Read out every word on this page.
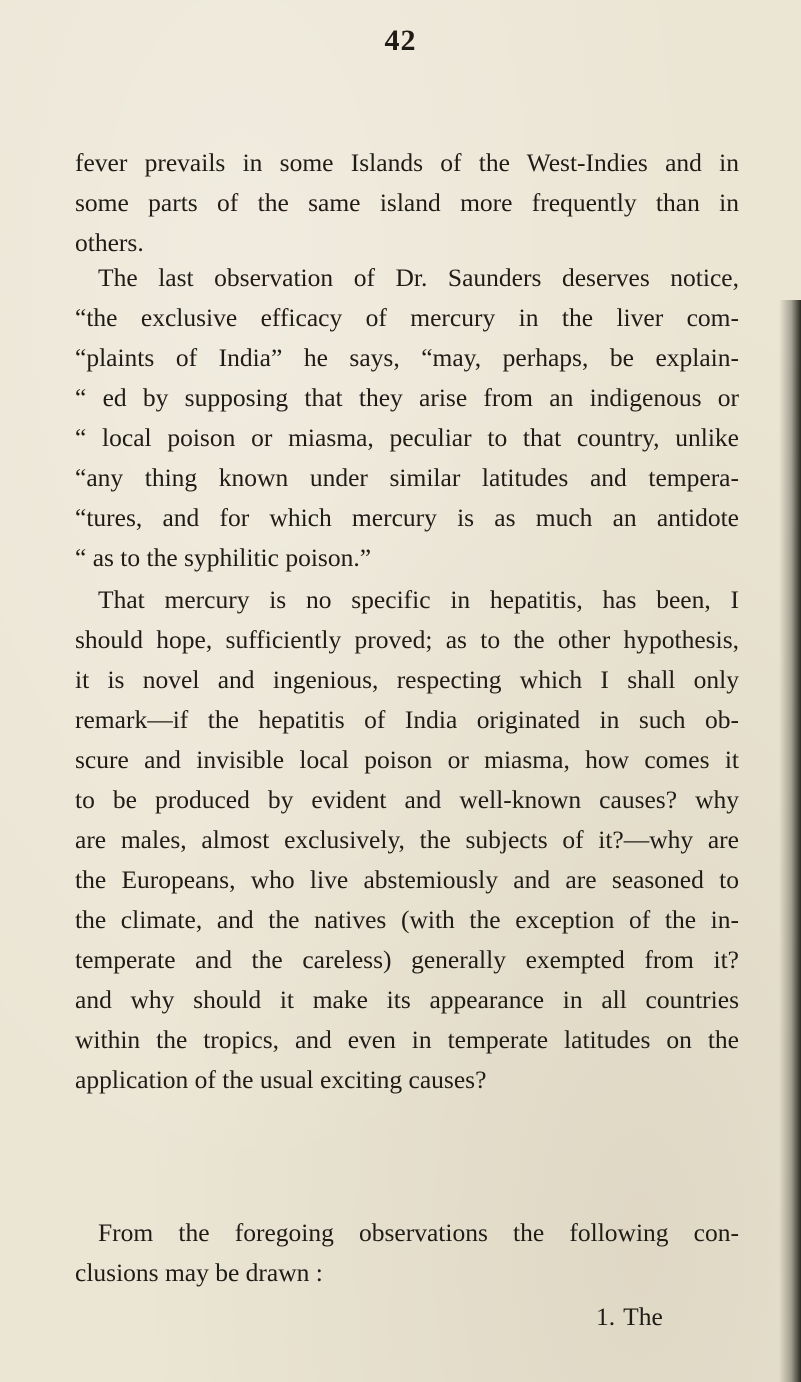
42

fever prevails in some Islands of the West-Indies and in
some parts of the same island more frequently than in
others.

The last observation of Dr. Saunders deserves notice,
“the exclusive efficacy of mercury in the liver com-
“plaints of India” he says, “may, perhaps, be explain-
“ ed by supposing that they arise from an indigenous or
“ local poison or miasma, peculiar to that country, unlike
“any thing known under similar latitudes and tempera-
“tures, and for which mercury is as much an antidote
“ as to the syphilitic poison.”

That mercury is no specific in hepatitis, has been, I
should hope, sufficiently proved; as to the other hypothesis,
it is novel and ingenious, respecting which I shall only
remark—if the hepatitis of India originated in such ob-
scure and invisible local poison or miasma, how comes it
to be produced by evident and well-known causes? why
are males, almost exclusively, the subjects of it?—why are
the Europeans, who live abstemiously and are seasoned to
the climate, and the natives (with the exception of the in-
temperate and the careless) generally exempted from it?
and why should it make its appearance in all countries
within the tropics, and even in temperate latitudes on the
application of the usual exciting causes?

From the foregoing observations the following con-
clusions may be drawn :

1. The
